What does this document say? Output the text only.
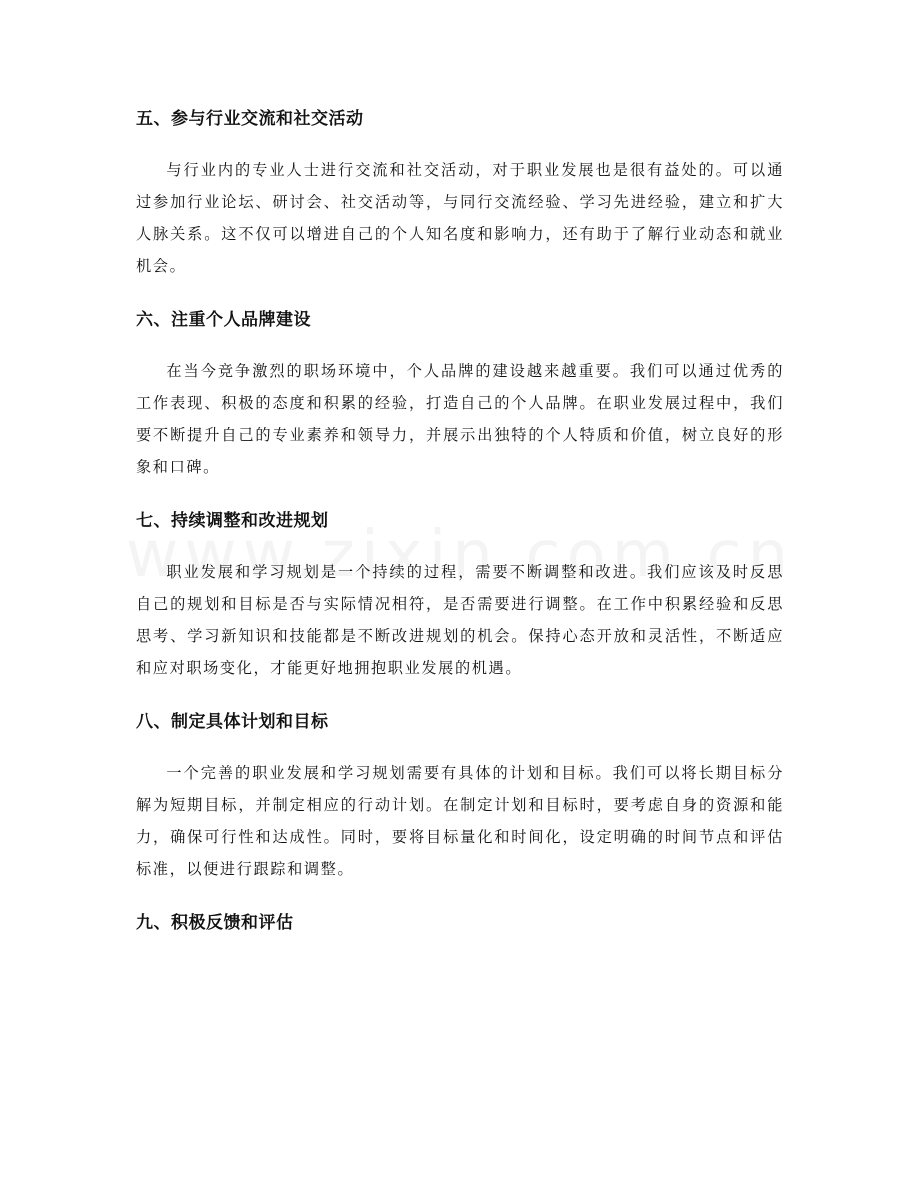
五、参与行业交流和社交活动

与行业内的专业人士进行交流和社交活动，对于职业发展也是很有益处的。可以通过参加行业论坛、研讨会、社交活动等，与同行交流经验、学习先进经验，建立和扩大人脉关系。这不仅可以增进自己的个人知名度和影响力，还有助于了解行业动态和就业机会。

六、注重个人品牌建设

在当今竞争激烈的职场环境中，个人品牌的建设越来越重要。我们可以通过优秀的工作表现、积极的态度和积累的经验，打造自己的个人品牌。在职业发展过程中，我们要不断提升自己的专业素养和领导力，并展示出独特的个人特质和价值，树立良好的形象和口碑。

七、持续调整和改进规划

职业发展和学习规划是一个持续的过程，需要不断调整和改进。我们应该及时反思自己的规划和目标是否与实际情况相符，是否需要进行调整。在工作中积累经验和反思思考、学习新知识和技能都是不断改进规划的机会。保持心态开放和灵活性，不断适应和应对职场变化，才能更好地拥抱职业发展的机遇。

八、制定具体计划和目标

一个完善的职业发展和学习规划需要有具体的计划和目标。我们可以将长期目标分解为短期目标，并制定相应的行动计划。在制定计划和目标时，要考虑自身的资源和能力，确保可行性和达成性。同时，要将目标量化和时间化，设定明确的时间节点和评估标准，以便进行跟踪和调整。

九、积极反馈和评估
